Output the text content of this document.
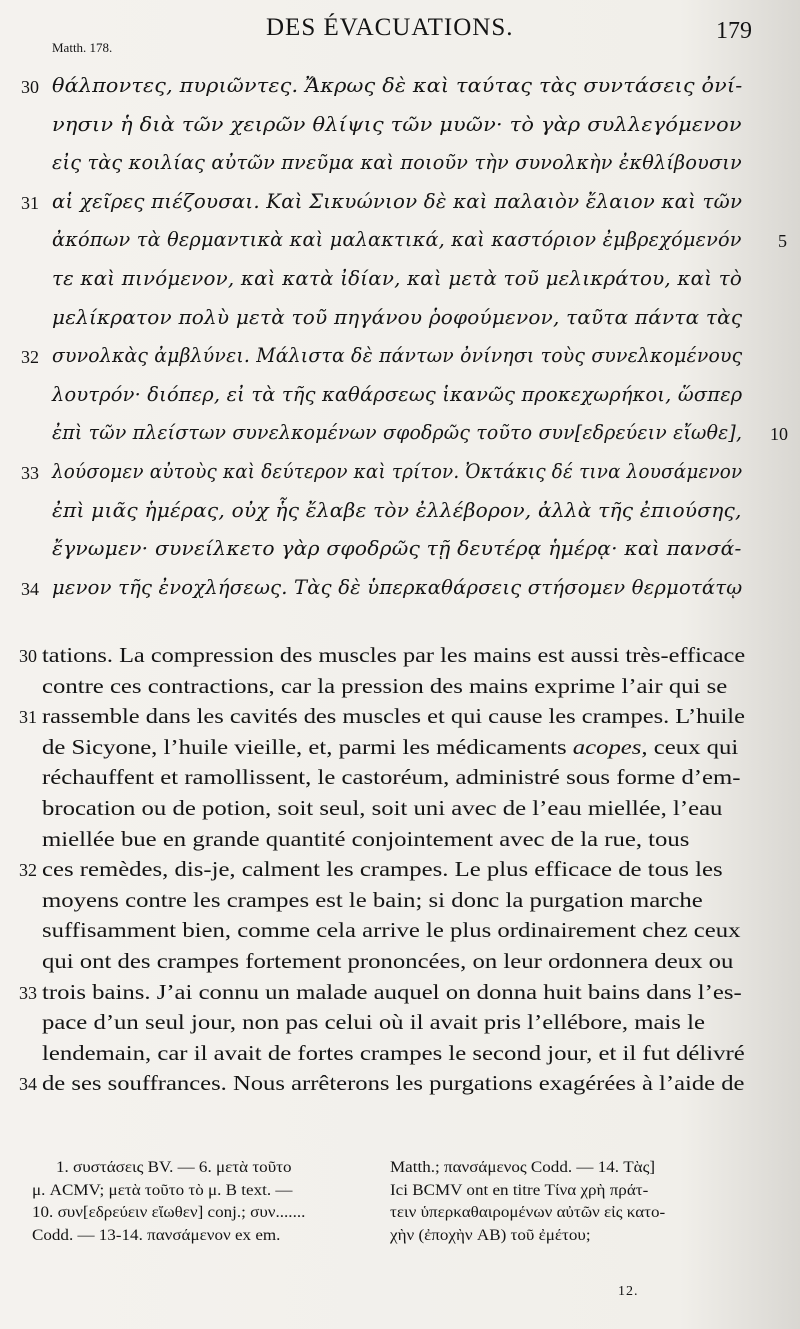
DES ÉVACUATIONS.	179
Matth. 178.
12.
θάλποντες, πυριῶντες. Ἄκρως δὲ καὶ ταύτας τὰς συντάσεις ὀνί-
νησιν ἡ διὰ τῶν χειρῶν θλίψις τῶν μυῶν· τὸ γὰρ συλλεγόμενον
εἰς τὰς κοιλίας αὐτῶν πνεῦμα καὶ ποιοῦν τὴν συνολκὴν ἐκθλίβουσιν
αἱ χεῖρες πιέζουσαι. Καὶ Σικυώνιον δὲ καὶ παλαιὸν ἔλαιον καὶ τῶν
ἀκόπων τὰ θερμαντικὰ καὶ μαλακτικά, καὶ καστόριον ἐμβρεχόμενόν
τε καὶ πινόμενον, καὶ κατὰ ἰδίαν, καὶ μετὰ τοῦ μελικράτου, καὶ τὸ
μελίκρατον πολὺ μετὰ τοῦ πηγάνου ῥοφούμενον, ταῦτα πάντα τὰς
συνολκὰς ἀμβλύνει. Μάλιστα δὲ πάντων ὀνίνησι τοὺς συνελκομένους
λουτρόν· διόπερ, εἰ τὰ τῆς καθάρσεως ἱκανῶς προκεχωρήκοι, ὥσπερ
ἐπὶ τῶν πλείστων συνελκομένων σφοδρῶς τοῦτο συν[εδρεύειν εἴωθε],
λούσομεν αὐτοὺς καὶ δεύτερον καὶ τρίτον. Ὀκτάκις δέ τινα λουσάμενον
ἐπὶ μιᾶς ἡμέρας, οὐχ ἧς ἔλαβε τὸν ἐλλέβορον, ἀλλὰ τῆς ἐπιούσης,
ἔγνωμεν· συνείλκετο γὰρ σφοδρῶς τῇ δευτέρᾳ ἡμέρᾳ· καὶ πανσά-
μενον τῆς ἐνοχλήσεως. Τὰς δὲ ὑπερκαθάρσεις στήσομεν θερμοτάτῳ
30
31
32
33
34
5
10
tations. La compression des muscles par les mains est aussi très-efficace
contre ces contractions, car la pression des mains exprime l’air qui se
rassemble dans les cavités des muscles et qui cause les crampes. L’huile
de Sicyone, l’huile vieille, et, parmi les médicaments acopes, ceux qui
réchauffent et ramollissent, le castoréum, administré sous forme d’em-
brocation ou de potion, soit seul, soit uni avec de l’eau miellée, l’eau
miellée bue en grande quantité conjointement avec de la rue, tous
ces remèdes, dis-je, calment les crampes. Le plus efficace de tous les
moyens contre les crampes est le bain; si donc la purgation marche
suffisamment bien, comme cela arrive le plus ordinairement chez ceux
qui ont des crampes fortement prononcées, on leur ordonnera deux ou
trois bains. J’ai connu un malade auquel on donna huit bains dans l’es-
pace d’un seul jour, non pas celui où il avait pris l’ellébore, mais le
lendemain, car il avait de fortes crampes le second jour, et il fut délivré
de ses souffrances. Nous arrêterons les purgations exagérées à l’aide de
30
31
32
33
34
1. συστάσεις BV. — 6. μετὰ τοῦτο
μ. ACMV; μετὰ τοῦτο τὸ μ. B text. —
10. συν[εδρεύειν εἴωθεν] conj.; συν.......
Codd. — 13-14. πανσάμενον ex em.
Matth.; πανσάμενος Codd. — 14. Τὰς]
Ici BCMV ont en titre Τίνα χρὴ πράτ-
τειν ὑπερκαθαιρομένων αὐτῶν εἰς κατο-
χὴν (ἐποχὴν AB) τοῦ ἐμέτου;
